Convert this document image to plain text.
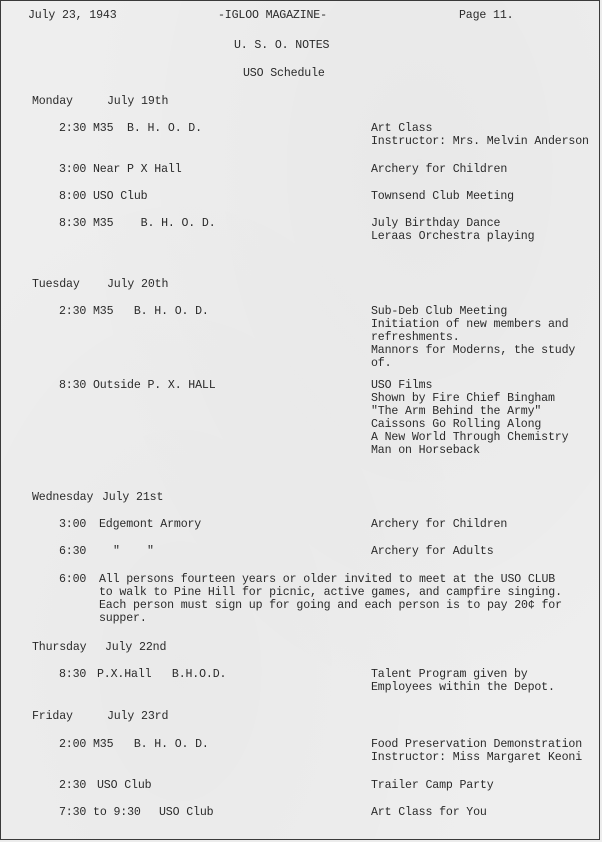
July 23, 1943	-IGLOO MAGAZINE-	Page 11.
U. S. O. NOTES
USO Schedule
Monday	July 19th
2:30 M35  B. H. O. D.	Art Class
Instructor: Mrs. Melvin Anderson
3:00 Near P X Hall	Archery for Children
8:00 USO Club	Townsend Club Meeting
8:30 M35    B. H. O. D.	July Birthday Dance
Leraas Orchestra playing
Tuesday July 20th
2:30 M35   B. H. O. D.	Sub-Deb Club Meeting
Initiation of new members and
refreshments.
Mannors for Moderns, the study
of.
8:30 Outside P. X. HALL	USO Films
Shown by Fire Chief Bingham
"The Arm Behind the Army"
Caissons Go Rolling Along
A New World Through Chemistry
Man on Horseback
Wednesday July 21st
3:00 Edgemont Armory	Archery for Children
6:30 "    "	Archery for Adults
6:00 All persons fourteen years or older invited to meet at the USO CLUB
to walk to Pine Hill for picnic, active games, and campfire singing.
Each person must sign up for going and each person is to pay 20¢ for
supper.
Thursday July 22nd
8:30 P.X.Hall   B.H.O.D.	Talent Program given by
Employees within the Depot.
Friday	July 23rd
2:00 M35   B. H. O. D.	Food Preservation Demonstration
Instructor: Miss Margaret Keoni
2:30 USO Club	Trailer Camp Party
7:30 to 9:30 USO Club	Art Class for You
